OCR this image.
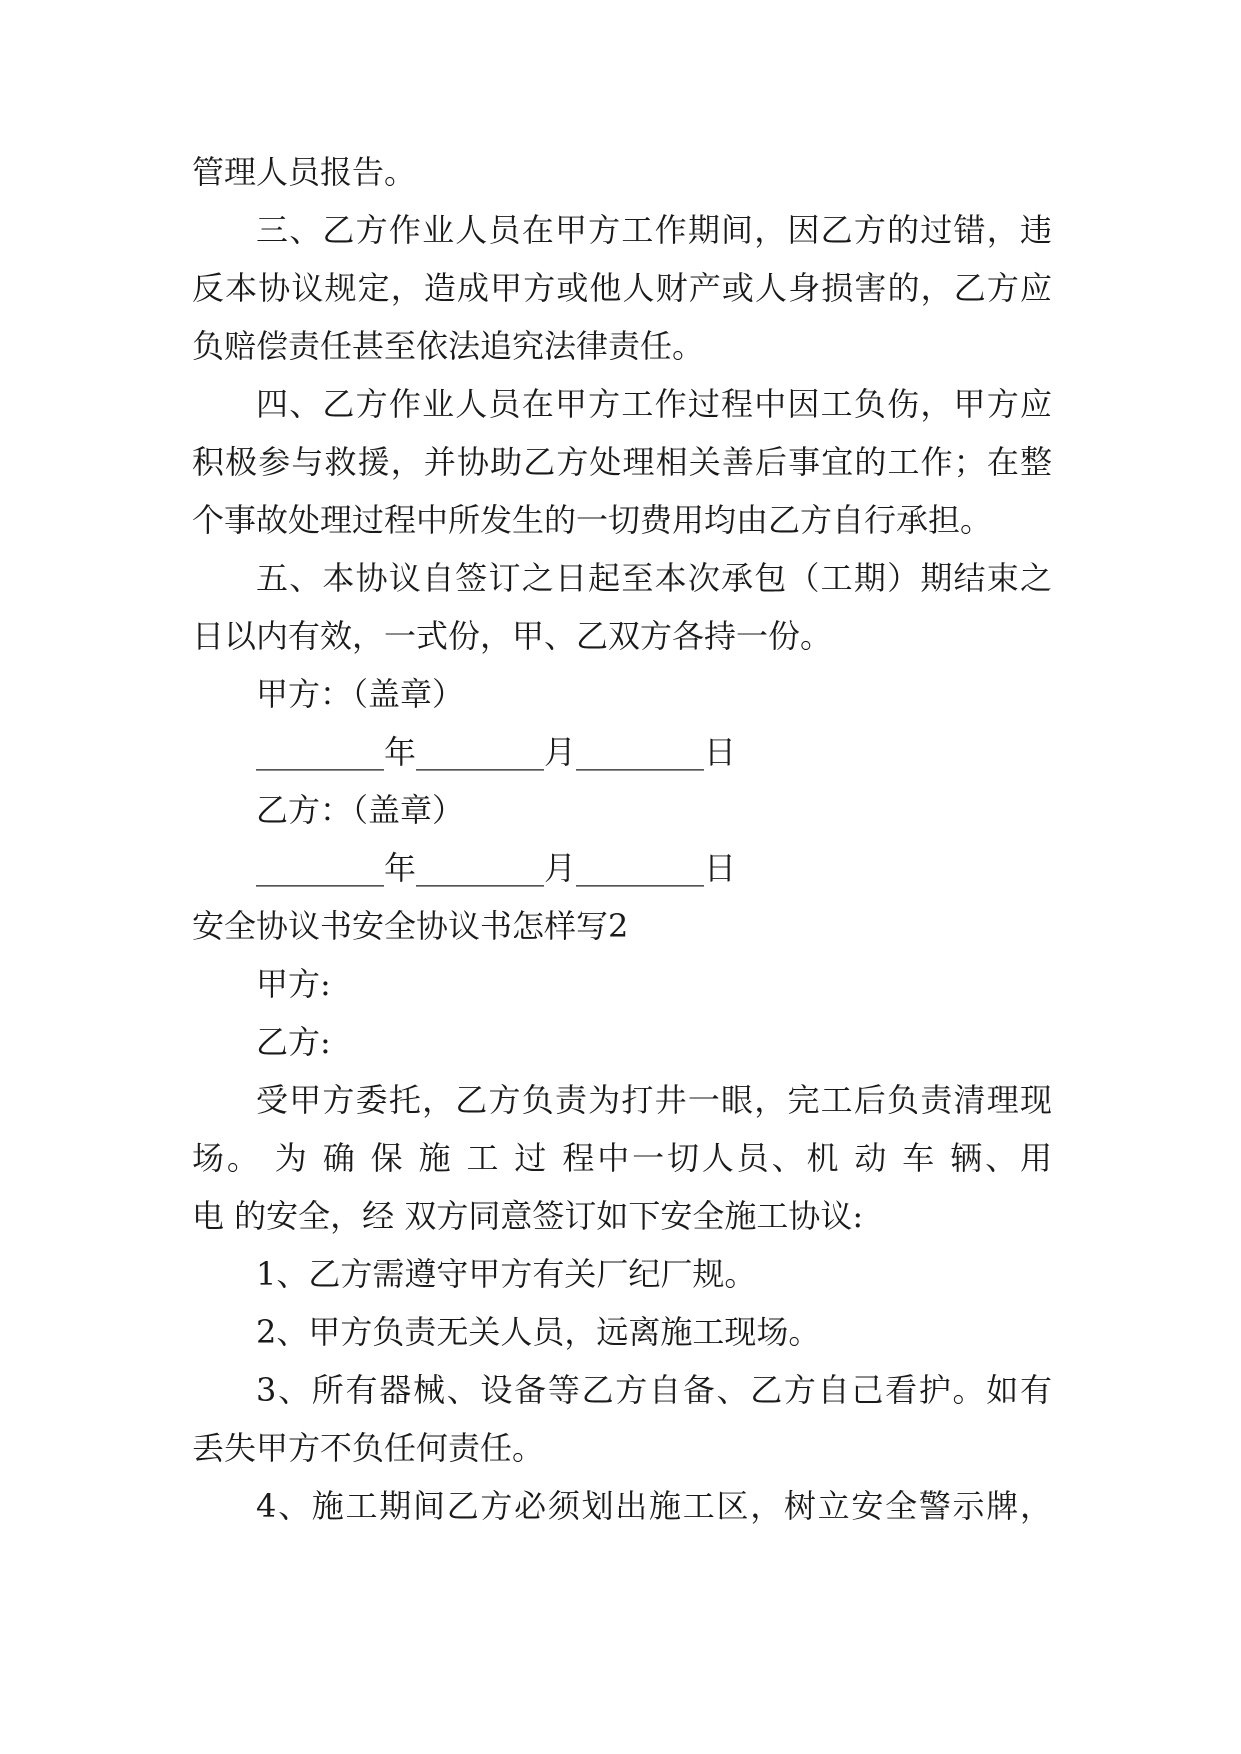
管理人员报告。
三、乙方作业人员在甲方工作期间，因乙方的过错，违
反本协议规定，造成甲方或他人财产或人身损害的，乙方应
负赔偿责任甚至依法追究法律责任。
四、乙方作业人员在甲方工作过程中因工负伤，甲方应
积极参与救援，并协助乙方处理相关善后事宜的工作；在整
个事故处理过程中所发生的一切费用均由乙方自行承担。
五、本协议自签订之日起至本次承包（工期）期结束之
日以内有效，一式份，甲、乙双方各持一份。
甲方：（盖章）
________年________月________日
乙方：（盖章）
________年________月________日
安全协议书安全协议书怎样写2
甲方:
乙方:
受甲方委托，乙方负责为打井一眼，完工后负责清理现
场。 为 确 保 施 工 过 程中一切人员、机 动 车 辆、用
电 的安全，经 双方同意签订如下安全施工协议:
1、乙方需遵守甲方有关厂纪厂规。
2、甲方负责无关人员，远离施工现场。
3、所有器械、设备等乙方自备、乙方自己看护。如有
丢失甲方不负任何责任。
4、施工期间乙方必须划出施工区，树立安全警示牌，
